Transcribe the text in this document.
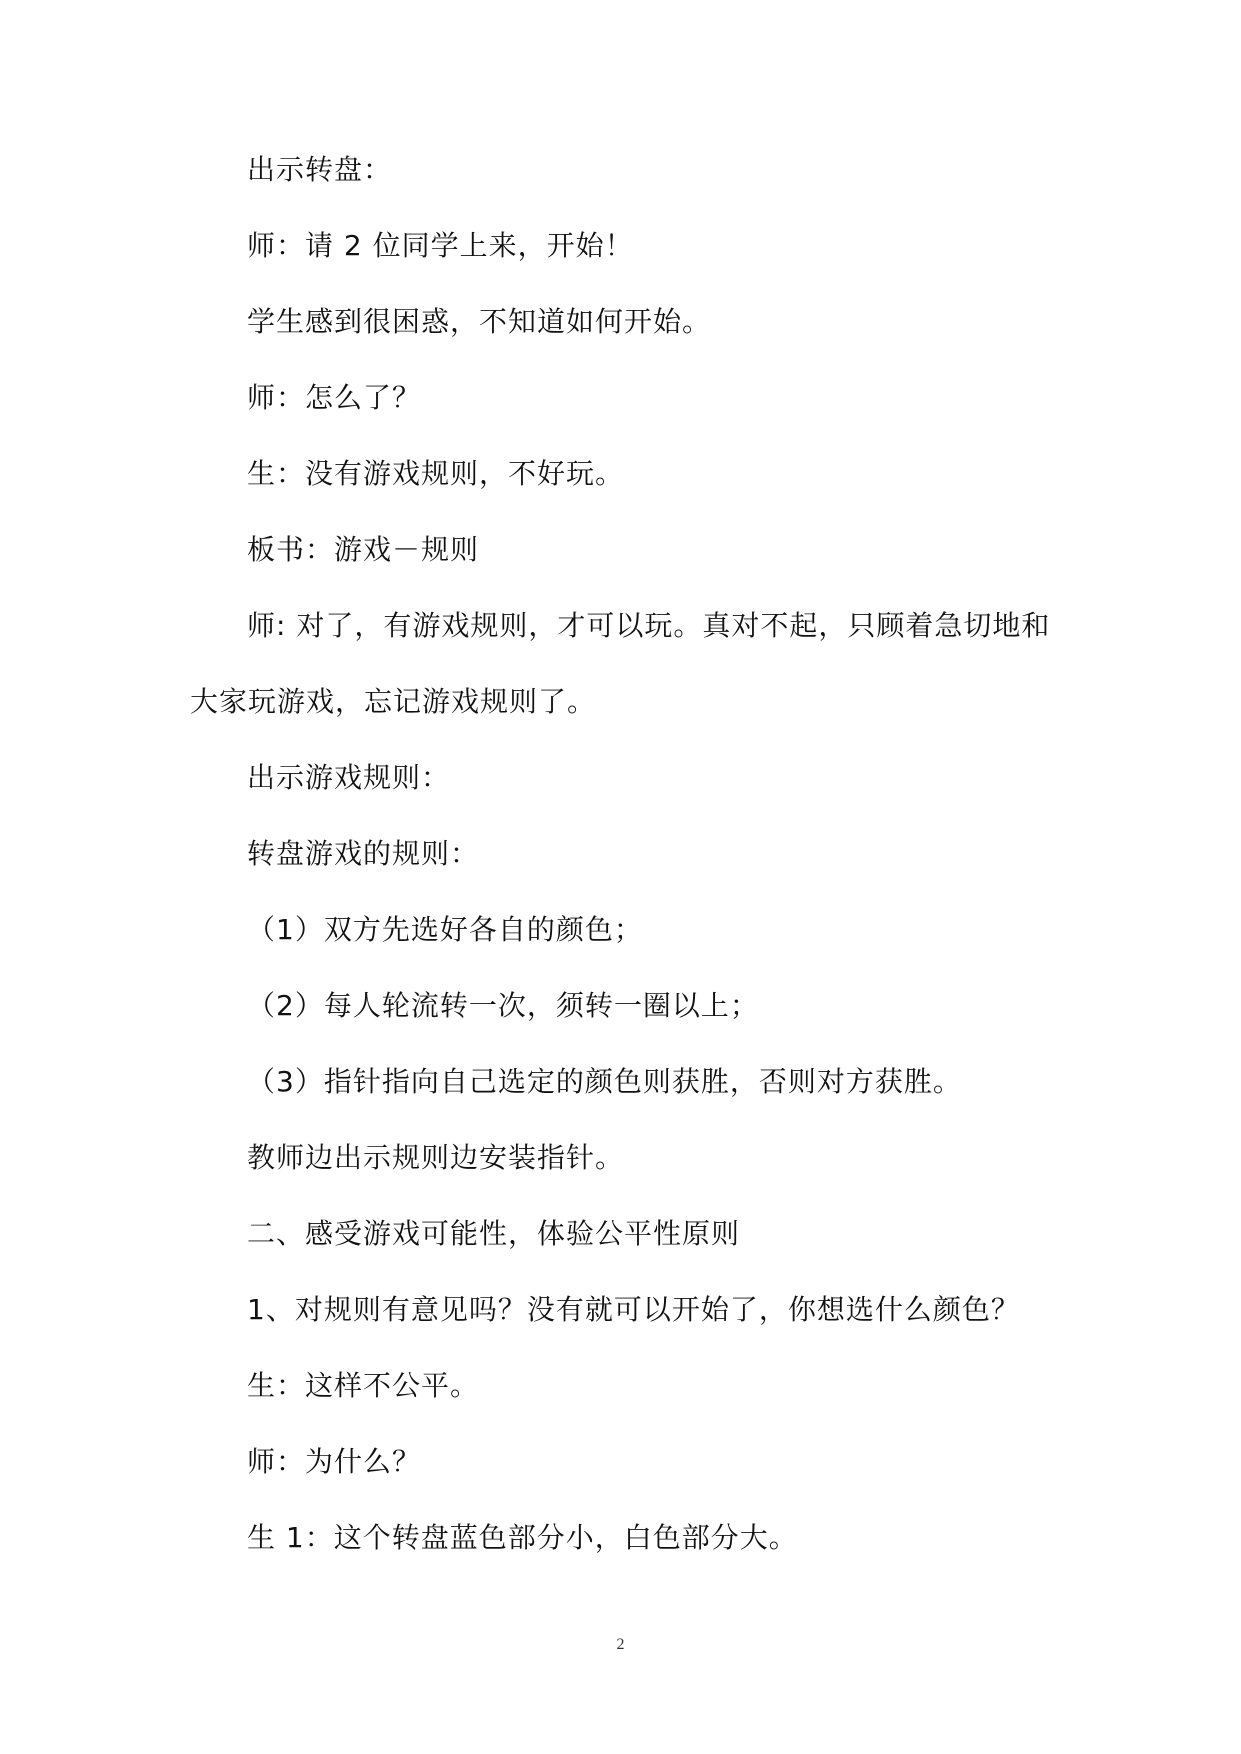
出示转盘：
师：请 2 位同学上来，开始！
学生感到很困惑，不知道如何开始。
师：怎么了？
生：没有游戏规则，不好玩。
板书：游戏－规则
师: 对了，有游戏规则，才可以玩。真对不起，只顾着急切地和
大家玩游戏，忘记游戏规则了。
出示游戏规则：
转盘游戏的规则：
（1）双方先选好各自的颜色；
（2）每人轮流转一次，须转一圈以上；
（3）指针指向自己选定的颜色则获胜，否则对方获胜。
教师边出示规则边安装指针。
二、感受游戏可能性，体验公平性原则
1、对规则有意见吗？没有就可以开始了，你想选什么颜色？
生：这样不公平。
师：为什么？
生 1：这个转盘蓝色部分小，白色部分大。
2
